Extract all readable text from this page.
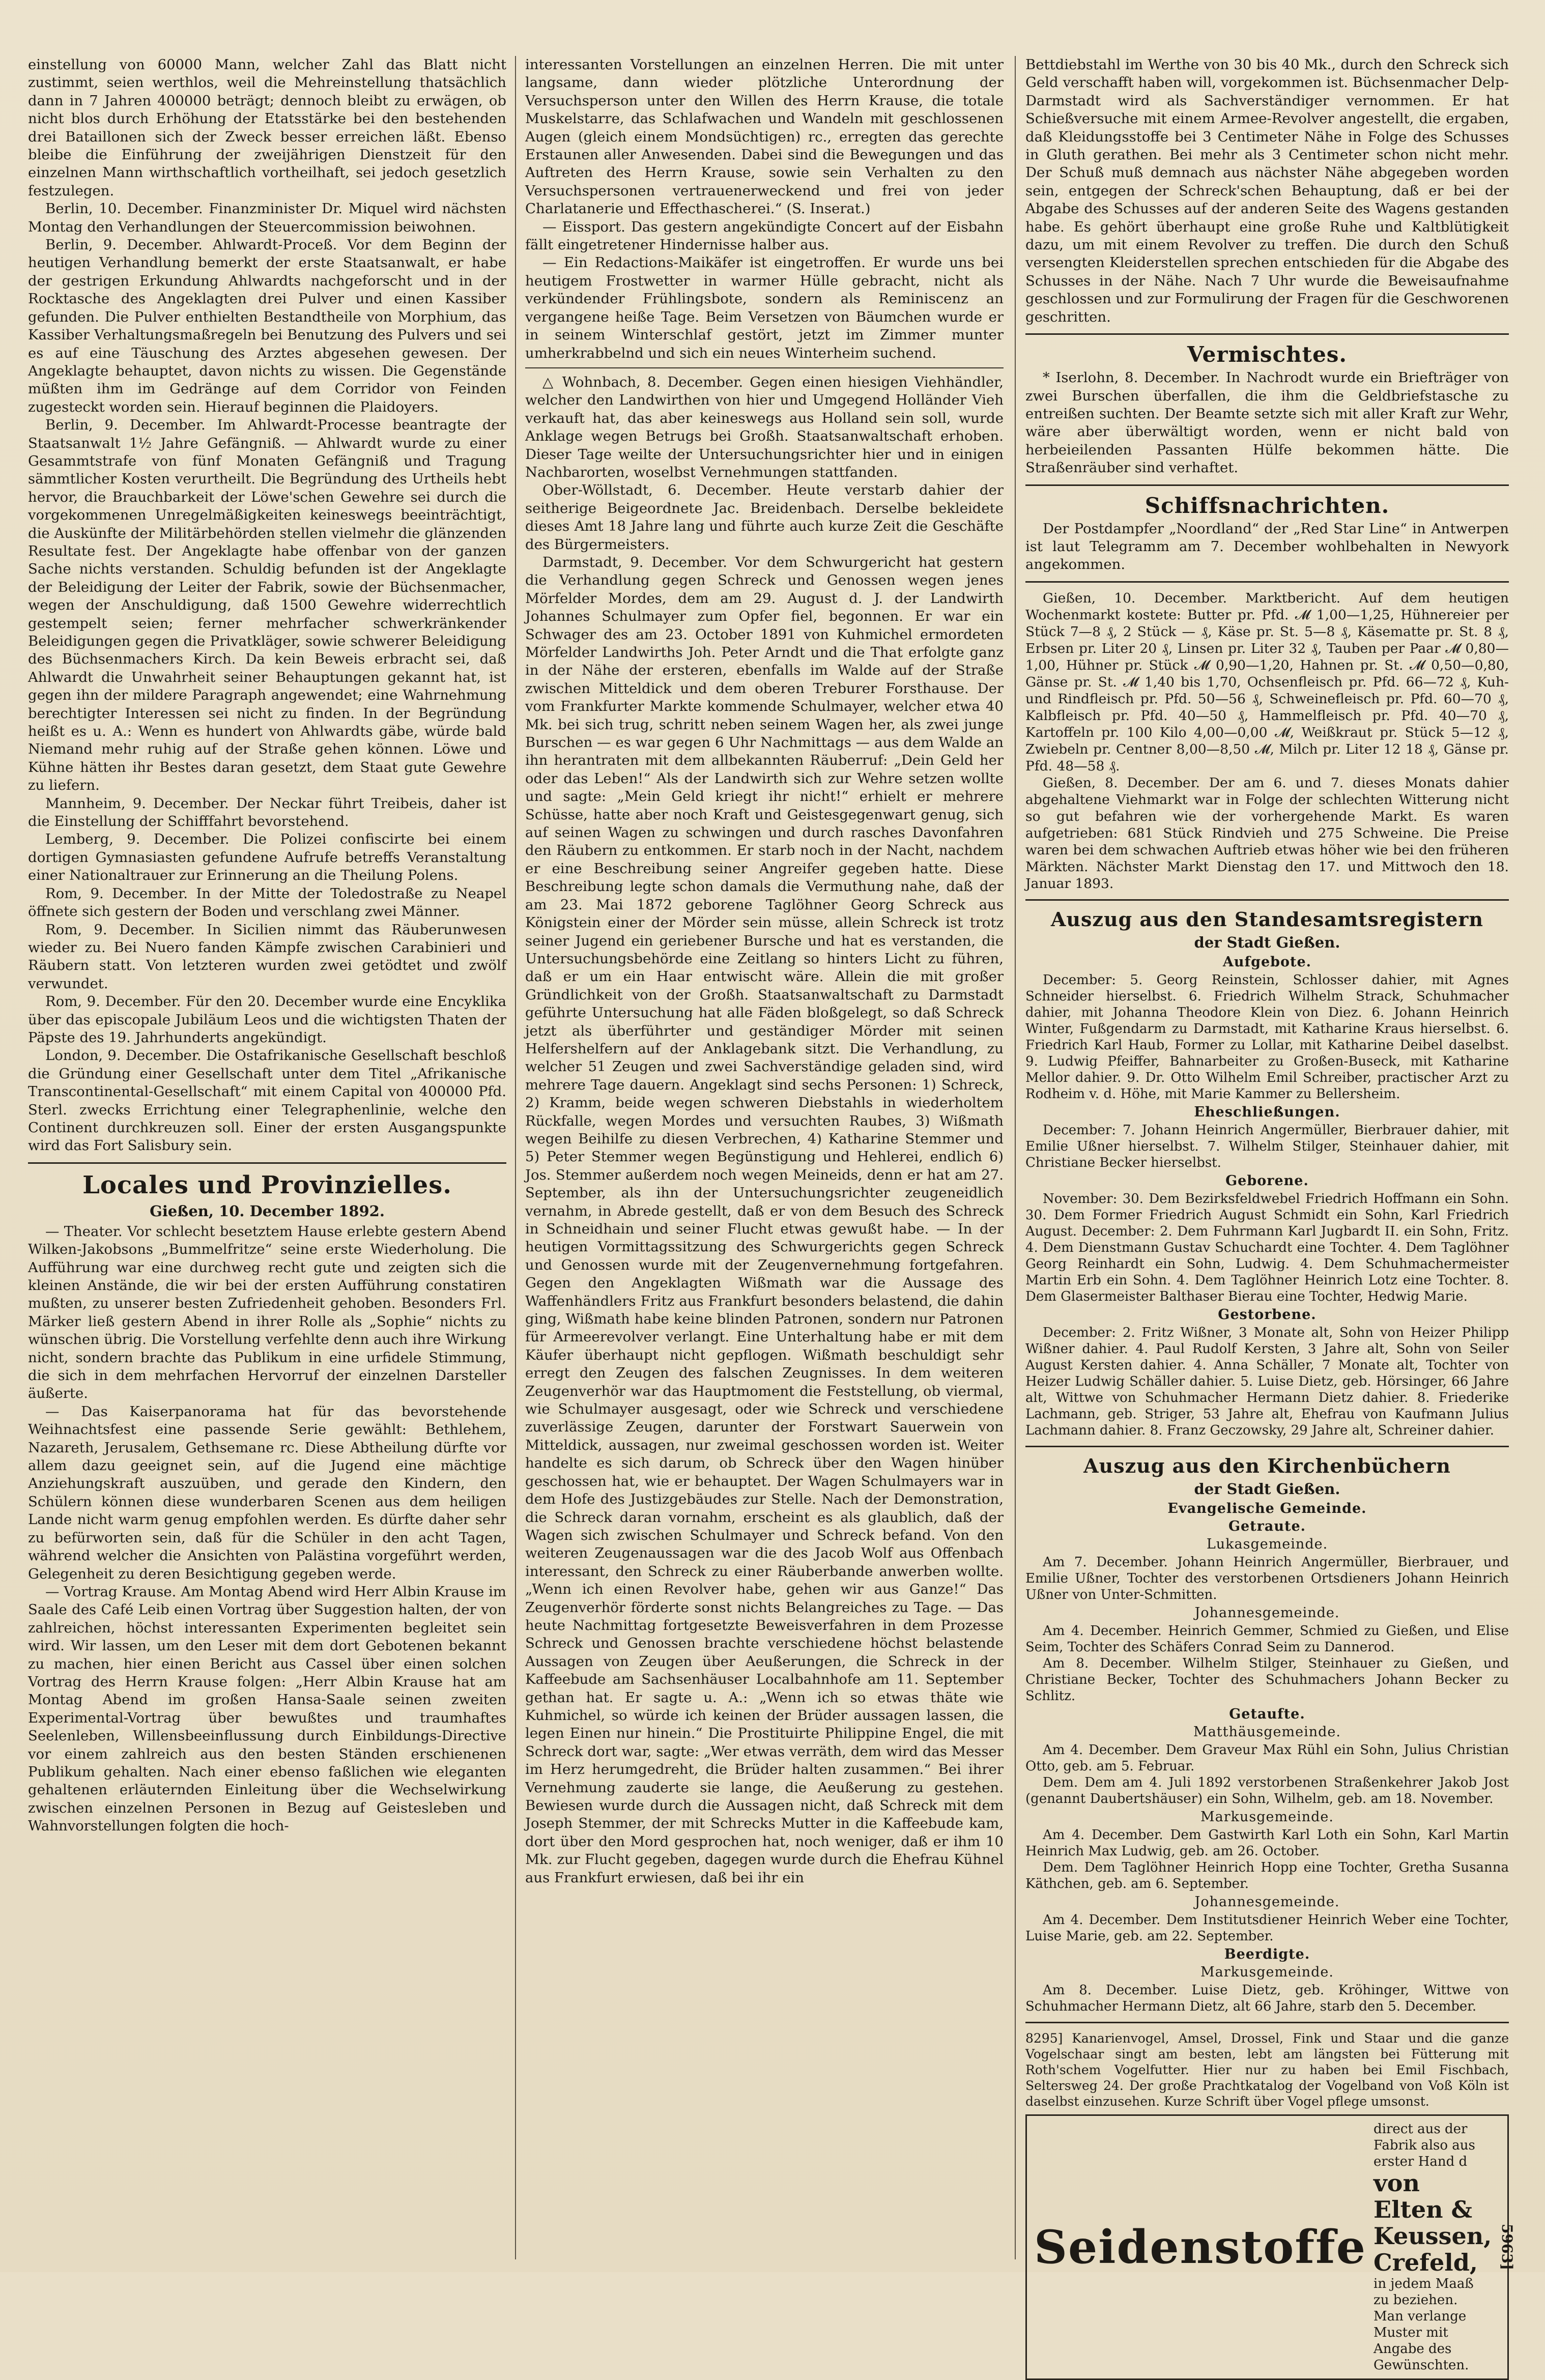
einstellung von 60000 Mann, welcher Zahl das Blatt nicht zustimmt, seien werthlos, weil die Mehreinstellung thatsächlich dann in 7 Jahren 400000 beträgt; dennoch bleibt zu erwägen, ob nicht blos durch Erhöhung der Etatsstärke bei den bestehenden drei Bataillonen sich der Zweck besser erreichen läßt. Ebenso bleibe die Einführung der zweijährigen Dienstzeit für den einzelnen Mann wirthschaftlich vortheilhaft, sei jedoch gesetzlich festzulegen.

Berlin, 10. December. Finanzminister Dr. Miquel wird nächsten Montag den Verhandlungen der Steuercommission beiwohnen.

Berlin, 9. December. Ahlwardt-Proceß. Vor dem Beginn der heutigen Verhandlung bemerkt der erste Staatsanwalt, er habe der gestrigen Erkundung Ahlwardts nachgeforscht und in der Rocktasche des Angeklagten drei Pulver und einen Kassiber gefunden. Die Pulver enthielten Bestandtheile von Morphium, das Kassiber Verhaltungsmaßregeln bei Benutzung des Pulvers und sei es auf eine Täuschung des Arztes abgesehen gewesen. Der Angeklagte behauptet, davon nichts zu wissen. Die Gegenstände müßten ihm im Gedränge auf dem Corridor von Feinden zugesteckt worden sein. Hierauf beginnen die Plaidoyers.

Berlin, 9. December. Im Ahlwardt-Processe beantragte der Staatsanwalt 1½ Jahre Gefängniß. — Ahlwardt wurde zu einer Gesammtstrafe von fünf Monaten Gefängniß und Tragung sämmtlicher Kosten verurtheilt. Die Begründung des Urtheils hebt hervor, die Brauchbarkeit der Löwe'schen Gewehre sei durch die vorgekommenen Unregelmäßigkeiten keineswegs beeinträchtigt, die Auskünfte der Militärbehörden stellen vielmehr die glänzenden Resultate fest. Der Angeklagte habe offenbar von der ganzen Sache nichts verstanden. Schuldig befunden ist der Angeklagte der Beleidigung der Leiter der Fabrik, sowie der Büchsenmacher, wegen der Anschuldigung, daß 1500 Gewehre widerrechtlich gestempelt seien; ferner mehrfacher schwerkränkender Beleidigungen gegen die Privatkläger, sowie schwerer Beleidigung des Büchsenmachers Kirch. Da kein Beweis erbracht sei, daß Ahlwardt die Unwahrheit seiner Behauptungen gekannt hat, ist gegen ihn der mildere Paragraph angewendet; eine Wahrnehmung berechtigter Interessen sei nicht zu finden. In der Begründung heißt es u. A.: Wenn es hundert von Ahlwardts gäbe, würde bald Niemand mehr ruhig auf der Straße gehen können. Löwe und Kühne hätten ihr Bestes daran gesetzt, dem Staat gute Gewehre zu liefern.

Mannheim, 9. December. Der Neckar führt Treibeis, daher ist die Einstellung der Schifffahrt bevorstehend.

Lemberg, 9. December. Die Polizei confiscirte bei einem dortigen Gymnasiasten gefundene Aufrufe betreffs Veranstaltung einer Nationaltrauer zur Erinnerung an die Theilung Polens.

Rom, 9. December. In der Mitte der Toledostraße zu Neapel öffnete sich gestern der Boden und verschlang zwei Männer.

Rom, 9. December. In Sicilien nimmt das Räuberunwesen wieder zu. Bei Nuero fanden Kämpfe zwischen Carabinieri und Räubern statt. Von letzteren wurden zwei getödtet und zwölf verwundet.

Rom, 9. December. Für den 20. December wurde eine Encyklika über das episcopale Jubiläum Leos und die wichtigsten Thaten der Päpste des 19. Jahrhunderts angekündigt.

London, 9. December. Die Ostafrikanische Gesellschaft beschloß die Gründung einer Gesellschaft unter dem Titel „Afrikanische Transcontinental-Gesellschaft“ mit einem Capital von 400000 Pfd. Sterl. zwecks Errichtung einer Telegraphenlinie, welche den Continent durchkreuzen soll. Einer der ersten Ausgangspunkte wird das Fort Salisbury sein.

Locales und Provinzielles.
Gießen, 10. December 1892.

— Theater. Vor schlecht besetztem Hause erlebte gestern Abend Wilken-Jakobsons „Bummelfritze“ seine erste Wiederholung. Die Aufführung war eine durchweg recht gute und zeigten sich die kleinen Anstände, die wir bei der ersten Aufführung constatiren mußten, zu unserer besten Zufriedenheit gehoben. Besonders Frl. Märker ließ gestern Abend in ihrer Rolle als „Sophie“ nichts zu wünschen übrig. Die Vorstellung verfehlte denn auch ihre Wirkung nicht, sondern brachte das Publikum in eine urfidele Stimmung, die sich in dem mehrfachen Hervorruf der einzelnen Darsteller äußerte.

— Das Kaiserpanorama hat für das bevorstehende Weihnachtsfest eine passende Serie gewählt: Bethlehem, Nazareth, Jerusalem, Gethsemane rc. Diese Abtheilung dürfte vor allem dazu geeignet sein, auf die Jugend eine mächtige Anziehungskraft auszuüben, und gerade den Kindern, den Schülern können diese wunderbaren Scenen aus dem heiligen Lande nicht warm genug empfohlen werden. Es dürfte daher sehr zu befürworten sein, daß für die Schüler in den acht Tagen, während welcher die Ansichten von Palästina vorgeführt werden, Gelegenheit zu deren Besichtigung gegeben werde.

— Vortrag Krause. Am Montag Abend wird Herr Albin Krause im Saale des Café Leib einen Vortrag über Suggestion halten, der von zahlreichen, höchst interessanten Experimenten begleitet sein wird. Wir lassen, um den Leser mit dem dort Gebotenen bekannt zu machen, hier einen Bericht aus Cassel über einen solchen Vortrag des Herrn Krause folgen: „Herr Albin Krause hat am Montag Abend im großen Hansa-Saale seinen zweiten Experimental-Vortrag über bewußtes und traumhaftes Seelenleben, Willensbeeinflussung durch Einbildungs-Directive vor einem zahlreich aus den besten Ständen erschienenen Publikum gehalten. Nach einer ebenso faßlichen wie eleganten gehaltenen erläuternden Einleitung über die Wechselwirkung zwischen einzelnen Personen in Bezug auf Geistesleben und Wahnvorstellungen folgten die hoch-

interessanten Vorstellungen an einzelnen Herren. Die mit unter langsame, dann wieder plötzliche Unterordnung der Versuchsperson unter den Willen des Herrn Krause, die totale Muskelstarre, das Schlafwachen und Wandeln mit geschlossenen Augen (gleich einem Mondsüchtigen) rc., erregten das gerechte Erstaunen aller Anwesenden. Dabei sind die Bewegungen und das Auftreten des Herrn Krause, sowie sein Verhalten zu den Versuchspersonen vertrauenerweckend und frei von jeder Charlatanerie und Effecthascherei.“ (S. Inserat.)

— Eissport. Das gestern angekündigte Concert auf der Eisbahn fällt eingetretener Hindernisse halber aus.

— Ein Redactions-Maikäfer ist eingetroffen. Er wurde uns bei heutigem Frostwetter in warmer Hülle gebracht, nicht als verkündender Frühlingsbote, sondern als Reminiscenz an vergangene heiße Tage. Beim Versetzen von Bäumchen wurde er in seinem Winterschlaf gestört, jetzt im Zimmer munter umherkrabbelnd und sich ein neues Winterheim suchend.

△ Wohnbach, 8. December. Gegen einen hiesigen Viehhändler, welcher den Landwirthen von hier und Umgegend Holländer Vieh verkauft hat, das aber keineswegs aus Holland sein soll, wurde Anklage wegen Betrugs bei Großh. Staatsanwaltschaft erhoben. Dieser Tage weilte der Untersuchungsrichter hier und in einigen Nachbarorten, woselbst Vernehmungen stattfanden.

Ober-Wöllstadt, 6. December. Heute verstarb dahier der seitherige Beigeordnete Jac. Breidenbach. Derselbe bekleidete dieses Amt 18 Jahre lang und führte auch kurze Zeit die Geschäfte des Bürgermeisters.

Darmstadt, 9. December. Vor dem Schwurgericht hat gestern die Verhandlung gegen Schreck und Genossen wegen jenes Mörfelder Mordes, dem am 29. August d. J. der Landwirth Johannes Schulmayer zum Opfer fiel, begonnen. Er war ein Schwager des am 23. October 1891 von Kuhmichel ermordeten Mörfelder Landwirths Joh. Peter Arndt und die That erfolgte ganz in der Nähe der ersteren, ebenfalls im Walde auf der Straße zwischen Mitteldick und dem oberen Treburer Forsthause. Der vom Frankfurter Markte kommende Schulmayer, welcher etwa 40 Mk. bei sich trug, schritt neben seinem Wagen her, als zwei junge Burschen — es war gegen 6 Uhr Nachmittags — aus dem Walde an ihn herantraten mit dem allbekannten Räuberruf: „Dein Geld her oder das Leben!“ Als der Landwirth sich zur Wehre setzen wollte und sagte: „Mein Geld kriegt ihr nicht!“ erhielt er mehrere Schüsse, hatte aber noch Kraft und Geistesgegenwart genug, sich auf seinen Wagen zu schwingen und durch rasches Davonfahren den Räubern zu entkommen. Er starb noch in der Nacht, nachdem er eine Beschreibung seiner Angreifer gegeben hatte. Diese Beschreibung legte schon damals die Vermuthung nahe, daß der am 23. Mai 1872 geborene Taglöhner Georg Schreck aus Königstein einer der Mörder sein müsse, allein Schreck ist trotz seiner Jugend ein geriebener Bursche und hat es verstanden, die Untersuchungsbehörde eine Zeitlang so hinters Licht zu führen, daß er um ein Haar entwischt wäre. Allein die mit großer Gründlichkeit von der Großh. Staatsanwaltschaft zu Darmstadt geführte Untersuchung hat alle Fäden bloßgelegt, so daß Schreck jetzt als überführter und geständiger Mörder mit seinen Helfershelfern auf der Anklagebank sitzt. Die Verhandlung, zu welcher 51 Zeugen und zwei Sachverständige geladen sind, wird mehrere Tage dauern. Angeklagt sind sechs Personen: 1) Schreck, 2) Kramm, beide wegen schweren Diebstahls in wiederholtem Rückfalle, wegen Mordes und versuchten Raubes, 3) Wißmath wegen Beihilfe zu diesen Verbrechen, 4) Katharine Stemmer und 5) Peter Stemmer wegen Begünstigung und Hehlerei, endlich 6) Jos. Stemmer außerdem noch wegen Meineids, denn er hat am 27. September, als ihn der Untersuchungsrichter zeugeneidlich vernahm, in Abrede gestellt, daß er von dem Besuch des Schreck in Schneidhain und seiner Flucht etwas gewußt habe. — In der heutigen Vormittagssitzung des Schwurgerichts gegen Schreck und Genossen wurde mit der Zeugenvernehmung fortgefahren. Gegen den Angeklagten Wißmath war die Aussage des Waffenhändlers Fritz aus Frankfurt besonders belastend, die dahin ging, Wißmath habe keine blinden Patronen, sondern nur Patronen für Armeerevolver verlangt. Eine Unterhaltung habe er mit dem Käufer überhaupt nicht gepflogen. Wißmath beschuldigt sehr erregt den Zeugen des falschen Zeugnisses. In dem weiteren Zeugenverhör war das Hauptmoment die Feststellung, ob viermal, wie Schulmayer ausgesagt, oder wie Schreck und verschiedene zuverlässige Zeugen, darunter der Forstwart Sauerwein von Mitteldick, aussagen, nur zweimal geschossen worden ist. Weiter handelte es sich darum, ob Schreck über den Wagen hinüber geschossen hat, wie er behauptet. Der Wagen Schulmayers war in dem Hofe des Justizgebäudes zur Stelle. Nach der Demonstration, die Schreck daran vornahm, erscheint es als glaublich, daß der Wagen sich zwischen Schulmayer und Schreck befand. Von den weiteren Zeugenaussagen war die des Jacob Wolf aus Offenbach interessant, den Schreck zu einer Räuberbande anwerben wollte. „Wenn ich einen Revolver habe, gehen wir aus Ganze!“ Das Zeugenverhör förderte sonst nichts Belangreiches zu Tage. — Das heute Nachmittag fortgesetzte Beweisverfahren in dem Prozesse Schreck und Genossen brachte verschiedene höchst belastende Aussagen von Zeugen über Aeußerungen, die Schreck in der Kaffeebude am Sachsenhäuser Localbahnhofe am 11. September gethan hat. Er sagte u. A.: „Wenn ich so etwas thäte wie Kuhmichel, so würde ich keinen der Brüder aussagen lassen, die legen Einen nur hinein.“ Die Prostituirte Philippine Engel, die mit Schreck dort war, sagte: „Wer etwas verräth, dem wird das Messer im Herz herumgedreht, die Brüder halten zusammen.“ Bei ihrer Vernehmung zauderte sie lange, die Aeußerung zu gestehen. Bewiesen wurde durch die Aussagen nicht, daß Schreck mit dem Joseph Stemmer, der mit Schrecks Mutter in die Kaffeebude kam, dort über den Mord gesprochen hat, noch weniger, daß er ihm 10 Mk. zur Flucht gegeben, dagegen wurde durch die Ehefrau Kühnel aus Frankfurt erwiesen, daß bei ihr ein

Bettdiebstahl im Werthe von 30 bis 40 Mk., durch den Schreck sich Geld verschafft haben will, vorgekommen ist. Büchsenmacher Delp-Darmstadt wird als Sachverständiger vernommen. Er hat Schießversuche mit einem Armee-Revolver angestellt, die ergaben, daß Kleidungsstoffe bei 3 Centimeter Nähe in Folge des Schusses in Gluth gerathen. Bei mehr als 3 Centimeter schon nicht mehr. Der Schuß muß demnach aus nächster Nähe abgegeben worden sein, entgegen der Schreck'schen Behauptung, daß er bei der Abgabe des Schusses auf der anderen Seite des Wagens gestanden habe. Es gehört überhaupt eine große Ruhe und Kaltblütigkeit dazu, um mit einem Revolver zu treffen. Die durch den Schuß versengten Kleiderstellen sprechen entschieden für die Abgabe des Schusses in der Nähe. Nach 7 Uhr wurde die Beweisaufnahme geschlossen und zur Formulirung der Fragen für die Geschworenen geschritten.

Vermischtes.

* Iserlohn, 8. December. In Nachrodt wurde ein Briefträger von zwei Burschen überfallen, die ihm die Geldbriefstasche zu entreißen suchten. Der Beamte setzte sich mit aller Kraft zur Wehr, wäre aber überwältigt worden, wenn er nicht bald von herbeieilenden Passanten Hülfe bekommen hätte. Die Straßenräuber sind verhaftet.

Schiffsnachrichten.

Der Postdampfer „Noordland“ der „Red Star Line“ in Antwerpen ist laut Telegramm am 7. December wohlbehalten in Newyork angekommen.

Gießen, 10. December. Marktbericht. Auf dem heutigen Wochenmarkt kostete: Butter pr. Pfd. 𝓜 1,00—1,25, Hühnereier per Stück 7—8 ₰, 2 Stück — ₰, Käse pr. St. 5—8 ₰, Käsematte pr. St. 8 ₰, Erbsen pr. Liter 20 ₰, Linsen pr. Liter 32 ₰, Tauben per Paar 𝓜 0,80—1,00, Hühner pr. Stück 𝓜 0,90—1,20, Hahnen pr. St. 𝓜 0,50—0,80, Gänse pr. St. 𝓜 1,40 bis 1,70, Ochsenfleisch pr. Pfd. 66—72 ₰, Kuh- und Rindfleisch pr. Pfd. 50—56 ₰, Schweinefleisch pr. Pfd. 60—70 ₰, Kalbfleisch pr. Pfd. 40—50 ₰, Hammelfleisch pr. Pfd. 40—70 ₰, Kartoffeln pr. 100 Kilo 4,00—0,00 𝓜, Weißkraut pr. Stück 5—12 ₰, Zwiebeln pr. Centner 8,00—8,50 𝓜, Milch pr. Liter 12 18 ₰, Gänse pr. Pfd. 48—58 ₰.

Gießen, 8. December. Der am 6. und 7. dieses Monats dahier abgehaltene Viehmarkt war in Folge der schlechten Witterung nicht so gut befahren wie der vorhergehende Markt. Es waren aufgetrieben: 681 Stück Rindvieh und 275 Schweine. Die Preise waren bei dem schwachen Auftrieb etwas höher wie bei den früheren Märkten. Nächster Markt Dienstag den 17. und Mittwoch den 18. Januar 1893.

Auszug aus den Standesamtsregistern
der Stadt Gießen.
Aufgebote.

December: 5. Georg Reinstein, Schlosser dahier, mit Agnes Schneider hierselbst. 6. Friedrich Wilhelm Strack, Schuhmacher dahier, mit Johanna Theodore Klein von Diez. 6. Johann Heinrich Winter, Fußgendarm zu Darmstadt, mit Katharine Kraus hierselbst. 6. Friedrich Karl Haub, Former zu Lollar, mit Katharine Deibel daselbst. 9. Ludwig Pfeiffer, Bahnarbeiter zu Großen-Buseck, mit Katharine Mellor dahier. 9. Dr. Otto Wilhelm Emil Schreiber, practischer Arzt zu Rodheim v. d. Höhe, mit Marie Kammer zu Bellersheim.

Eheschließungen.

December: 7. Johann Heinrich Angermüller, Bierbrauer dahier, mit Emilie Ußner hierselbst. 7. Wilhelm Stilger, Steinhauer dahier, mit Christiane Becker hierselbst.

Geborene.

November: 30. Dem Bezirksfeldwebel Friedrich Hoffmann ein Sohn. 30. Dem Former Friedrich August Schmidt ein Sohn, Karl Friedrich August. December: 2. Dem Fuhrmann Karl Jugbardt II. ein Sohn, Fritz. 4. Dem Dienstmann Gustav Schuchardt eine Tochter. 4. Dem Taglöhner Georg Reinhardt ein Sohn, Ludwig. 4. Dem Schuhmachermeister Martin Erb ein Sohn. 4. Dem Taglöhner Heinrich Lotz eine Tochter. 8. Dem Glasermeister Balthaser Bierau eine Tochter, Hedwig Marie.

Gestorbene.

December: 2. Fritz Wißner, 3 Monate alt, Sohn von Heizer Philipp Wißner dahier. 4. Paul Rudolf Kersten, 3 Jahre alt, Sohn von Seiler August Kersten dahier. 4. Anna Schäller, 7 Monate alt, Tochter von Heizer Ludwig Schäller dahier. 5. Luise Dietz, geb. Hörsinger, 66 Jahre alt, Wittwe von Schuhmacher Hermann Dietz dahier. 8. Friederike Lachmann, geb. Striger, 53 Jahre alt, Ehefrau von Kaufmann Julius Lachmann dahier. 8. Franz Geczowsky, 29 Jahre alt, Schreiner dahier.

Auszug aus den Kirchenbüchern
der Stadt Gießen.
Evangelische Gemeinde.
Getraute.
Lukasgemeinde.

Am 7. December. Johann Heinrich Angermüller, Bierbrauer, und Emilie Ußner, Tochter des verstorbenen Ortsdieners Johann Heinrich Ußner von Unter-Schmitten.

Johannesgemeinde.

Am 4. December. Heinrich Gemmer, Schmied zu Gießen, und Elise Seim, Tochter des Schäfers Conrad Seim zu Dannerod.

Am 8. December. Wilhelm Stilger, Steinhauer zu Gießen, und Christiane Becker, Tochter des Schuhmachers Johann Becker zu Schlitz.

Getaufte.
Matthäusgemeinde.

Am 4. December. Dem Graveur Max Rühl ein Sohn, Julius Christian Otto, geb. am 5. Februar.

Dem. Dem am 4. Juli 1892 verstorbenen Straßenkehrer Jakob Jost (genannt Daubertshäuser) ein Sohn, Wilhelm, geb. am 18. November.

Markusgemeinde.

Am 4. December. Dem Gastwirth Karl Loth ein Sohn, Karl Martin Heinrich Max Ludwig, geb. am 26. October.

Dem. Dem Taglöhner Heinrich Hopp eine Tochter, Gretha Susanna Käthchen, geb. am 6. September.

Johannesgemeinde.

Am 4. December. Dem Institutsdiener Heinrich Weber eine Tochter, Luise Marie, geb. am 22. September.

Beerdigte.
Markusgemeinde.

Am 8. December. Luise Dietz, geb. Kröhinger, Wittwe von Schuhmacher Hermann Dietz, alt 66 Jahre, starb den 5. December.

8295] Kanarienvogel, Amsel, Drossel, Fink und Staar und die ganze Vogelschaar singt am besten, lebt am längsten bei Fütterung mit Roth'schem Vogelfutter. Hier nur zu haben bei Emil Fischbach, Seltersweg 24. Der große Prachtkatalog der Vogelband von Voß Köln ist daselbst einzusehen. Kurze Schrift über Vogel pflege umsonst.

Seidenstoffe
direct aus der Fabrik also aus erster Hand d
von Elten & Keussen, Crefeld,
in jedem Maaß zu beziehen. Man verlange Muster mit Angabe des Gewünschten.
5963]
